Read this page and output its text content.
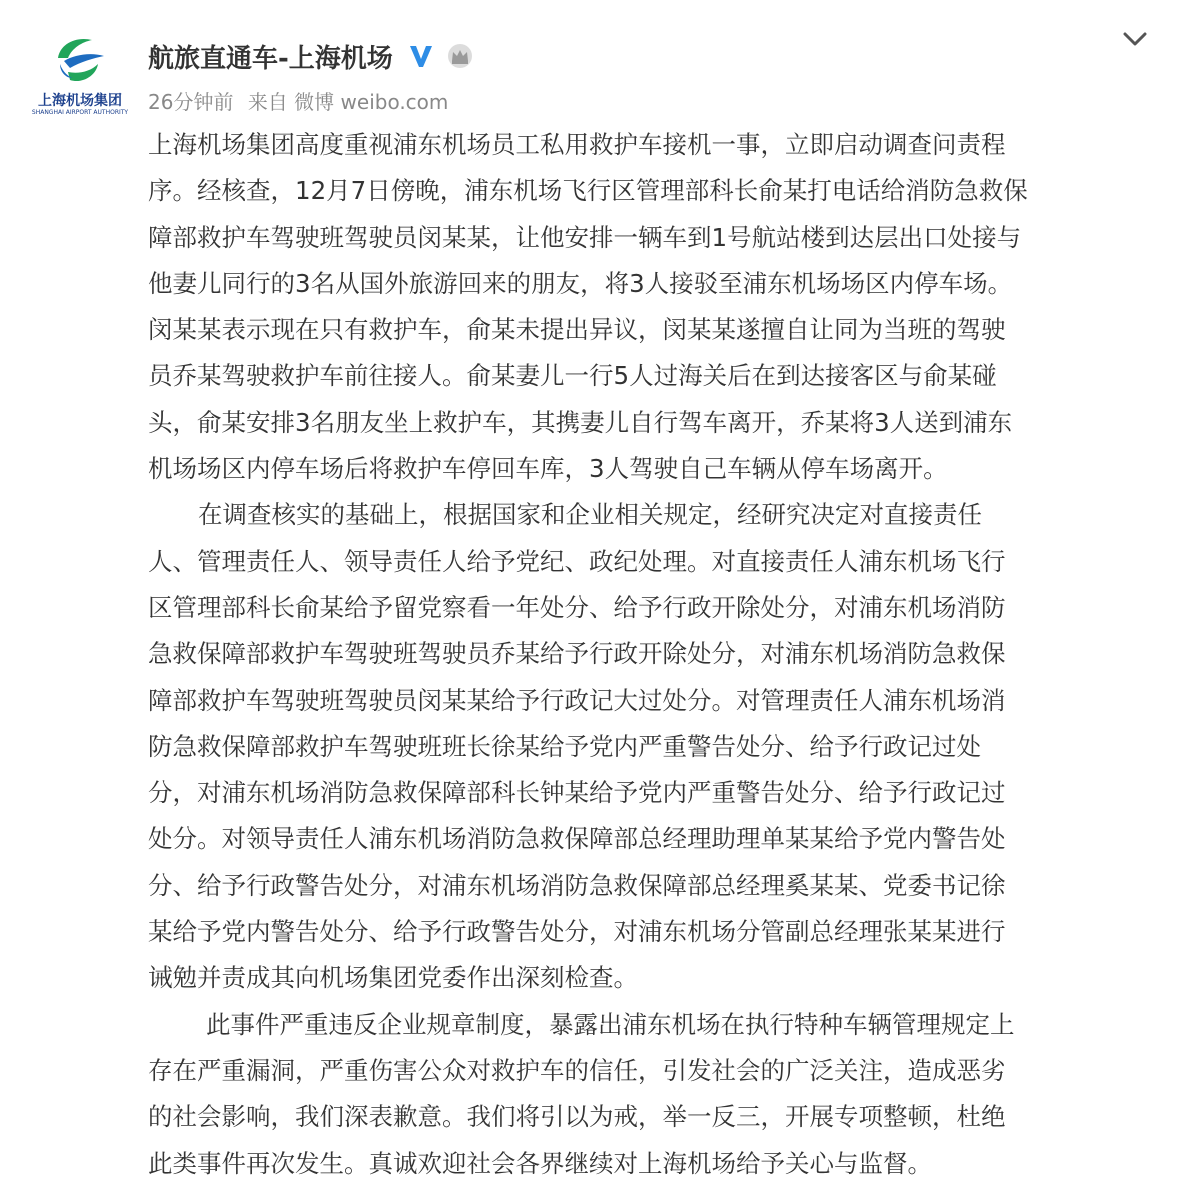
上海机场集团
SHANGHAI AIRPORT AUTHORITY
航旅直通车-上海机场
26分钟前 来自 微博 weibo.com
上海机场集团高度重视浦东机场员工私用救护车接机一事，立即启动调查问责程
序。经核查，12月7日傍晚，浦东机场飞行区管理部科长俞某打电话给消防急救保
障部救护车驾驶班驾驶员闵某某，让他安排一辆车到1号航站楼到达层出口处接与
他妻儿同行的3名从国外旅游回来的朋友，将3人接驳至浦东机场场区内停车场。
闵某某表示现在只有救护车，俞某未提出异议，闵某某遂擅自让同为当班的驾驶
员乔某驾驶救护车前往接人。俞某妻儿一行5人过海关后在到达接客区与俞某碰
头，俞某安排3名朋友坐上救护车，其携妻儿自行驾车离开，乔某将3人送到浦东
机场场区内停车场后将救护车停回车库，3人驾驶自己车辆从停车场离开。
在调查核实的基础上，根据国家和企业相关规定，经研究决定对直接责任
人、管理责任人、领导责任人给予党纪、政纪处理。对直接责任人浦东机场飞行
区管理部科长俞某给予留党察看一年处分、给予行政开除处分，对浦东机场消防
急救保障部救护车驾驶班驾驶员乔某给予行政开除处分，对浦东机场消防急救保
障部救护车驾驶班驾驶员闵某某给予行政记大过处分。对管理责任人浦东机场消
防急救保障部救护车驾驶班班长徐某给予党内严重警告处分、给予行政记过处
分，对浦东机场消防急救保障部科长钟某给予党内严重警告处分、给予行政记过
处分。对领导责任人浦东机场消防急救保障部总经理助理单某某给予党内警告处
分、给予行政警告处分，对浦东机场消防急救保障部总经理奚某某、党委书记徐
某给予党内警告处分、给予行政警告处分，对浦东机场分管副总经理张某某进行
诫勉并责成其向机场集团党委作出深刻检查。
此事件严重违反企业规章制度，暴露出浦东机场在执行特种车辆管理规定上
存在严重漏洞，严重伤害公众对救护车的信任，引发社会的广泛关注，造成恶劣
的社会影响，我们深表歉意。我们将引以为戒，举一反三，开展专项整顿，杜绝
此类事件再次发生。真诚欢迎社会各界继续对上海机场给予关心与监督。
